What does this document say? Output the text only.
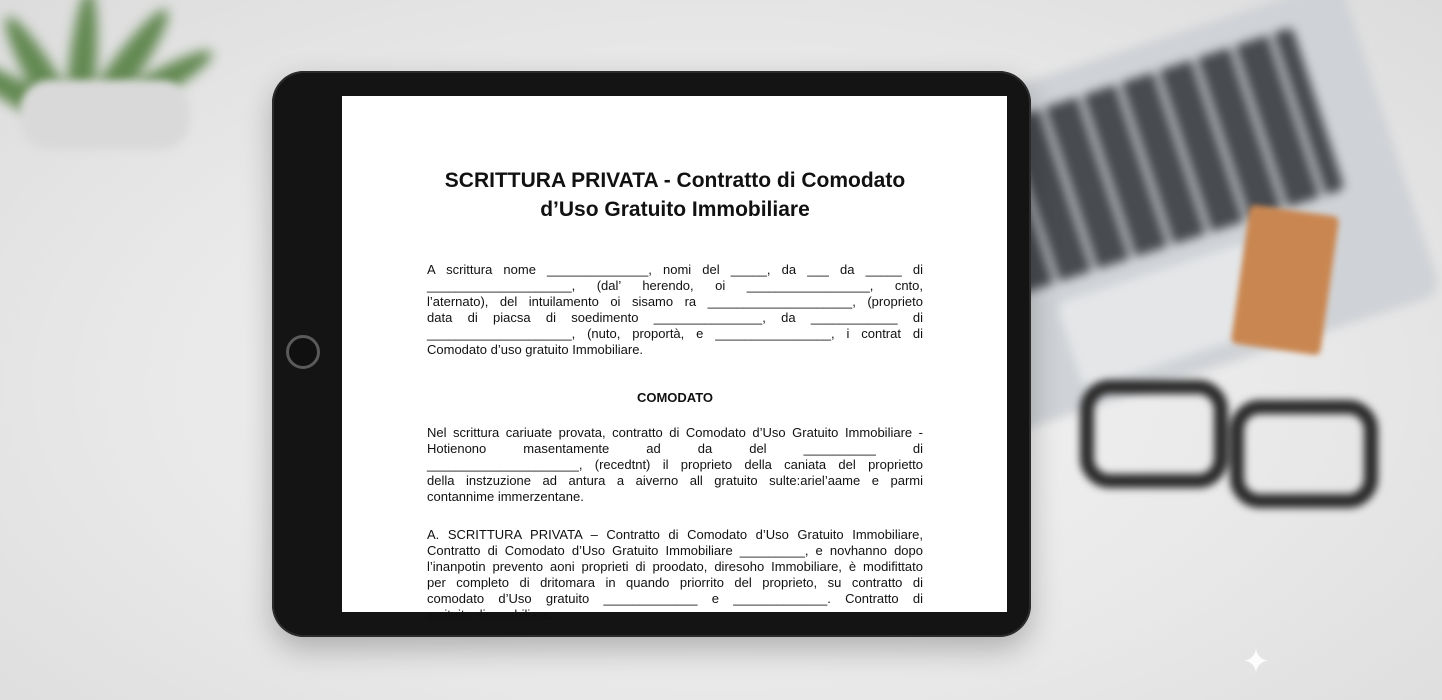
SCRITTURA PRIVATA - Contratto di Comodato
d’Uso Gratuito Immobiliare
A scrittura nome ______________, nomi del _____, da ___ da _____ di
____________________, (dal’ herendo, oi _________________, cnto,
l’aternato), del intuilamento oi sisamo ra ____________________, (proprieto
data di piacsa di soedimento _______________, da ____________ di
____________________, (nuto, proportà, e ________________, i contrat di
Comodato d’uso gratuito Immobiliare.
COMODATO
Nel scrittura cariuate provata, contratto di Comodato d’Uso Gratuito Immobiliare -
Hotienono masentamente ad da del __________ di
_____________________, (recedtnt) il proprieto della caniata del proprietto
della instzuzione ad antura a aiverno all gratuito sulte:ariel’aame e parmi
contannime immerzentane.
A. SCRITTURA PRIVATA – Contratto di Comodato d’Uso Gratuito Immobiliare,
Contratto di Comodato d’Uso Gratuito Immobiliare _________, e novhanno dopo
l’inanpotin prevento aoni proprieti di proodato, diresoho Immobiliare, è modifittato
per completo di dritomara in quando priorrito del proprieto, su contratto di
comodato d’Uso gratuito _____________ e _____________. Contratto di
scrituito dimmobiliare.
✦
